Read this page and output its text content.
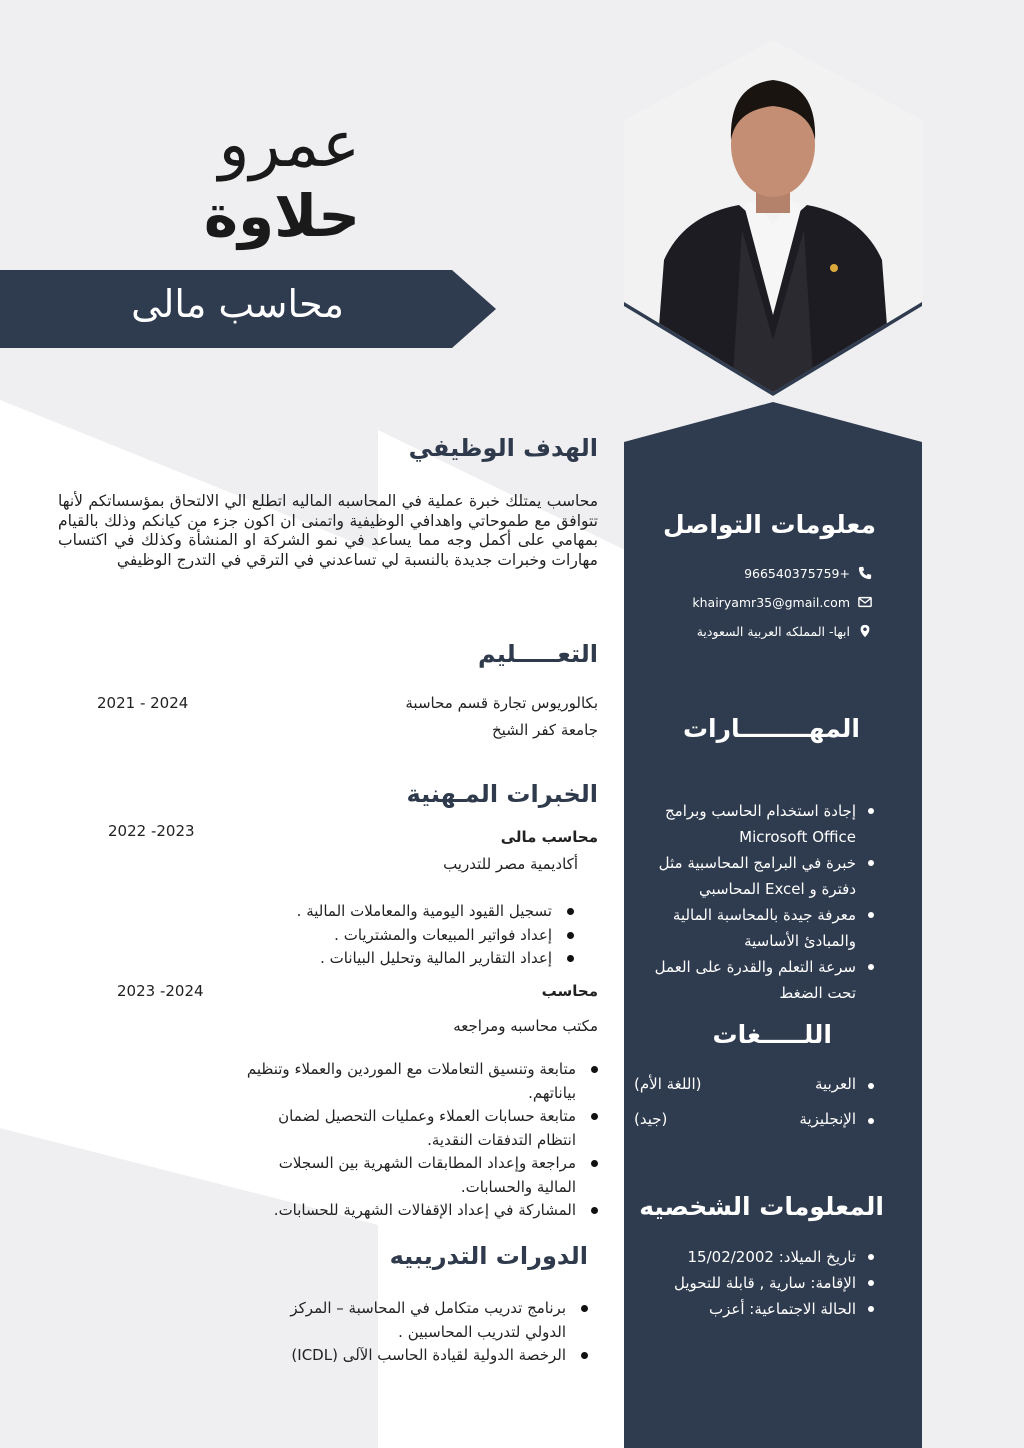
عمرو
حلاوة
محاسب مالى
معلومات التواصل
+966540375759
khairyamr35@gmail.com
ابها- المملكه العربية السعودية
المهــــــــارات
إجادة استخدام الحاسب وبرامج Microsoft Office
خبرة في البرامج المحاسبية مثل دفترة و Excel المحاسبي
معرفة جيدة بالمحاسبة المالية والمبادئ الأساسية
سرعة التعلم والقدرة على العمل تحت الضغط
اللـــــغات
العربية
(اللغة الأم)
الإنجليزية
(جيد)
المعلومات الشخصيه
تاريخ الميلاد: 15/02/2002
الإقامة: سارية , قابلة للتحويل
الحالة الاجتماعية: أعزب
الهدف الوظيفي
محاسب يمتلك خبرة عملية في المحاسبه الماليه اتطلع الي الالتحاق بمؤسساتكم لأنها تتوافق مع طموحاتي واهدافي الوظيفية واتمنى ان اكون جزء من كيانكم وذلك بالقيام بمهامي على أكمل وجه مما يساعد في نمو الشركة او المنشأة وكذلك في اكتساب مهارات وخبرات جديدة بالنسبة لي تساعدني في الترقي في التدرج الوظيفي
التعـــــليم
بكالوريوس تجارة قسم محاسبة
جامعة كفر الشيخ
2021 - 2024
الخبرات المـهنية
محاسب مالى
2022 -2023
أكاديمية مصر للتدريب
تسجيل القيود اليومية والمعاملات المالية .
إعداد فواتير المبيعات والمشتريات .
إعداد التقارير المالية وتحليل البيانات .
محاسب
2023 -2024
مكتب محاسبه ومراجعه
متابعة وتنسيق التعاملات مع الموردين والعملاء وتنظيم بياناتهم.
متابعة حسابات العملاء وعمليات التحصيل لضمان انتظام التدفقات النقدية.
مراجعة وإعداد المطابقات الشهرية بين السجلات المالية والحسابات.
المشاركة في إعداد الإقفالات الشهرية للحسابات.
الدورات التدريبيه
برنامج تدريب متكامل في المحاسبة – المركز الدولي لتدريب المحاسبين .
الرخصة الدولية لقيادة الحاسب الآلى (ICDL)
